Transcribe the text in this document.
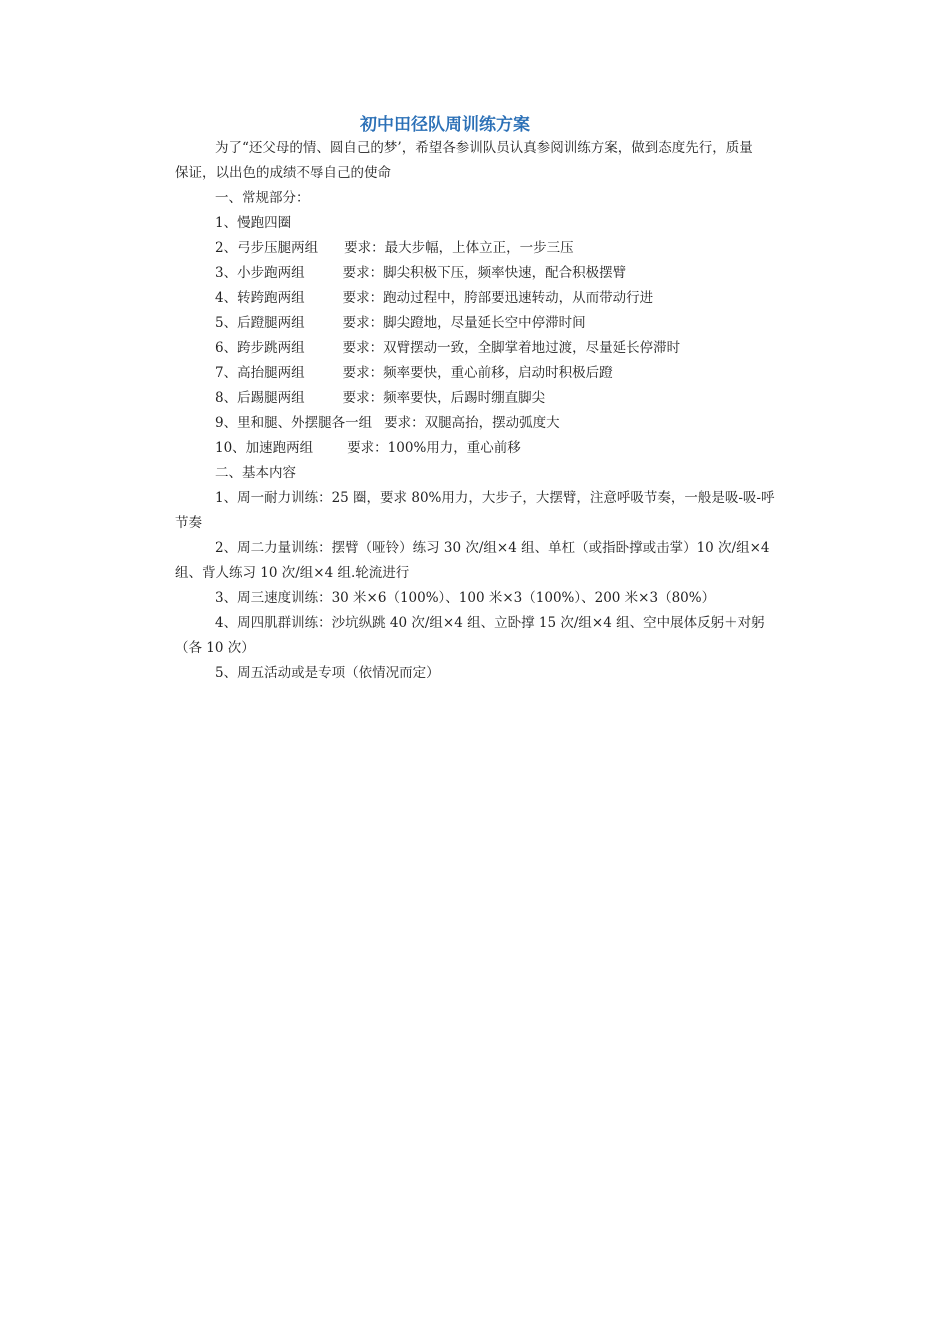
初中田径队周训练方案
为了“还父母的情、圆自己的梦’，希望各参训队员认真参阅训练方案，做到态度先行，质量
保证，以出色的成绩不辱自己的使命
一、常规部分：
1、慢跑四圈
2、弓步压腿两组 要求：最大步幅，上体立正，一步三压
3、小步跑两组	要求：脚尖积极下压，频率快速，配合积极摆臂
4、转跨跑两组	要求：跑动过程中，胯部要迅速转动，从而带动行进
5、后蹬腿两组	要求：脚尖蹬地，尽量延长空中停滞时间
6、跨步跳两组	要求：双臂摆动一致，全脚掌着地过渡，尽量延长停滞时
7、高抬腿两组	要求：频率要快，重心前移，启动时积极后蹬
8、后踢腿两组	要求：频率要快，后踢时绷直脚尖
9、里和腿、外摆腿各一组 要求：双腿高抬，摆动弧度大
10、加速跑两组	要求：100%用力，重心前移
二、基本内容
1、周一耐力训练：25 圈，要求 80%用力，大步子，大摆臂，注意呼吸节奏，一般是吸-吸-呼
节奏
2、周二力量训练：摆臂（哑铃）练习 30 次/组×4 组、单杠（或指卧撑或击掌）10 次/组×4
组、背人练习 10 次/组×4 组.轮流进行
3、周三速度训练：30 米×6（100%）、100 米×3（100%）、200 米×3（80%）
4、周四肌群训练：沙坑纵跳 40 次/组×4 组、立卧撑 15 次/组×4 组、空中展体反躬＋对躬
（各 10 次）
5、周五活动或是专项（依情况而定）
